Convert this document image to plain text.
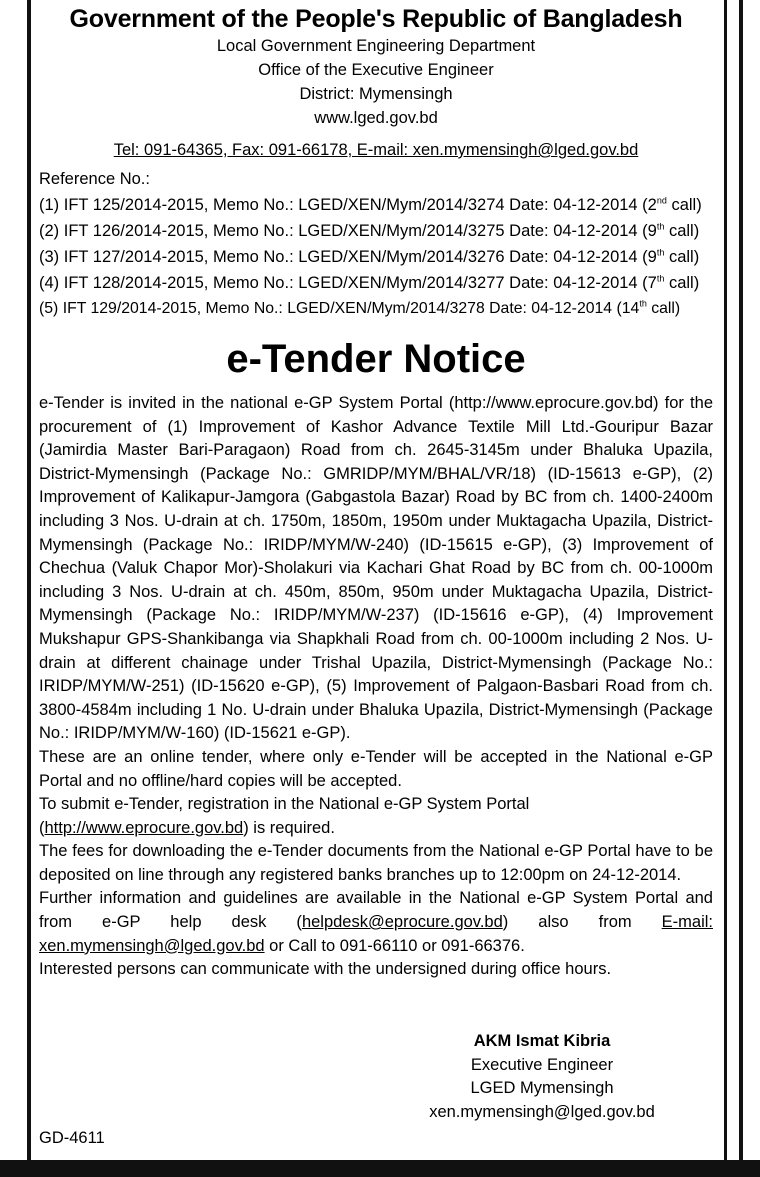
Government of the People's Republic of Bangladesh
Local Government Engineering Department
Office of the Executive Engineer
District: Mymensingh
www.lged.gov.bd
Tel: 091-64365, Fax: 091-66178, E-mail: xen.mymensingh@lged.gov.bd
Reference No.:
(1) IFT 125/2014-2015, Memo No.: LGED/XEN/Mym/2014/3274 Date: 04-12-2014 (2nd call)
(2) IFT 126/2014-2015, Memo No.: LGED/XEN/Mym/2014/3275 Date: 04-12-2014 (9th call)
(3) IFT 127/2014-2015, Memo No.: LGED/XEN/Mym/2014/3276 Date: 04-12-2014 (9th call)
(4) IFT 128/2014-2015, Memo No.: LGED/XEN/Mym/2014/3277 Date: 04-12-2014 (7th call)
(5) IFT 129/2014-2015, Memo No.: LGED/XEN/Mym/2014/3278 Date: 04-12-2014 (14th call)
e-Tender Notice

e-Tender is invited in the national e-GP System Portal (http://www.eprocure.gov.bd) for the procurement of (1) Improvement of Kashor Advance Textile Mill Ltd.-Gouripur Bazar (Jamirdia Master Bari-Paragaon) Road from ch. 2645-3145m under Bhaluka Upazila, District-Mymensingh (Package No.: GMRIDP/MYM/BHAL/VR/18) (ID-15613 e-GP), (2) Improvement of Kalikapur-Jamgora (Gabgastola Bazar) Road by BC from ch. 1400-2400m including 3 Nos. U-drain at ch. 1750m, 1850m, 1950m under Muktagacha Upazila, District-Mymensingh (Package No.: IRIDP/MYM/W-240) (ID-15615 e-GP), (3) Improvement of Chechua (Valuk Chapor Mor)-Sholakuri via Kachari Ghat Road by BC from ch. 00-1000m including 3 Nos. U-drain at ch. 450m, 850m, 950m under Muktagacha Upazila, District-Mymensingh (Package No.: IRIDP/MYM/W-237) (ID-15616 e-GP), (4) Improvement Mukshapur GPS-Shankibanga via Shapkhali Road from ch. 00-1000m including 2 Nos. U-drain at different chainage under Trishal Upazila, District-Mymensingh (Package No.: IRIDP/MYM/W-251) (ID-15620 e-GP), (5) Improvement of Palgaon-Basbari Road from ch. 3800-4584m including 1 No. U-drain under Bhaluka Upazila, District-Mymensingh (Package No.: IRIDP/MYM/W-160) (ID-15621 e-GP).

These are an online tender, where only e-Tender will be accepted in the National e-GP Portal and no offline/hard copies will be accepted.

To submit e-Tender, registration in the National e-GP System Portal
(http://www.eprocure.gov.bd) is required.

The fees for downloading the e-Tender documents from the National e-GP Portal have to be deposited on line through any registered banks branches up to 12:00pm on 24-12-2014.

Further information and guidelines are available in the National e-GP System Portal and from e-GP help desk (helpdesk@eprocure.gov.bd) also from E-mail: xen.mymensingh@lged.gov.bd or Call to 091-66110 or 091-66376.

Interested persons can communicate with the undersigned during office hours.

AKM Ismat Kibria
Executive Engineer
LGED Mymensingh
xen.mymensingh@lged.gov.bd
GD-4611
